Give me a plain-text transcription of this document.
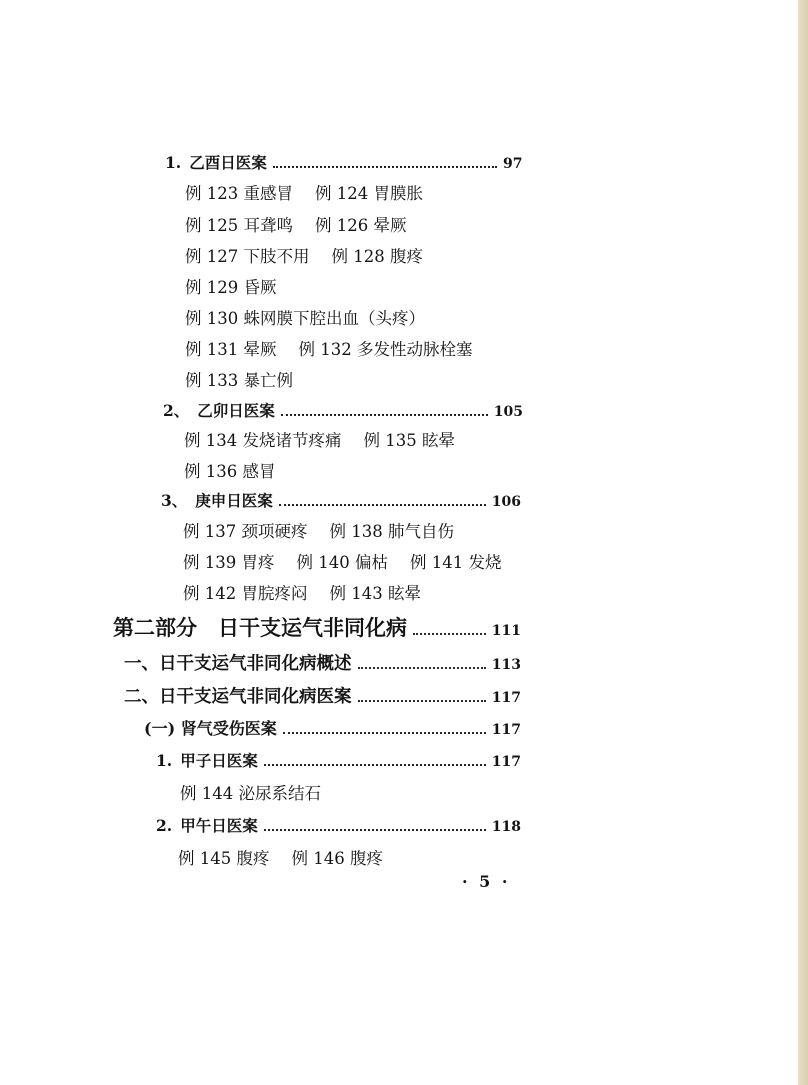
1. 乙酉日医案	97
例 123 重感冒 例 124 胃膜胀
例 125 耳聋鸣 例 126 晕厥
例 127 下肢不用 例 128 腹疼
例 129 昏厥
例 130 蛛网膜下腔出血（头疼）
例 131 晕厥 例 132 多发性动脉栓塞
例 133 暴亡例
2、 乙卯日医案	105
例 134 发烧诸节疼痛 例 135 眩晕
例 136 感冒
3、 庚申日医案	106
例 137 颈项硬疼 例 138 肺气自伤
例 139 胃疼 例 140 偏枯 例 141 发烧
例 142 胃脘疼闷 例 143 眩晕
第二部分　日干支运气非同化病	111
一、日干支运气非同化病概述	113
二、日干支运气非同化病医案	117
(一) 肾气受伤医案	117
1. 甲子日医案	117
例 144 泌尿系结石
2. 甲午日医案	118
例 145 腹疼 例 146 腹疼
· 5 ·
